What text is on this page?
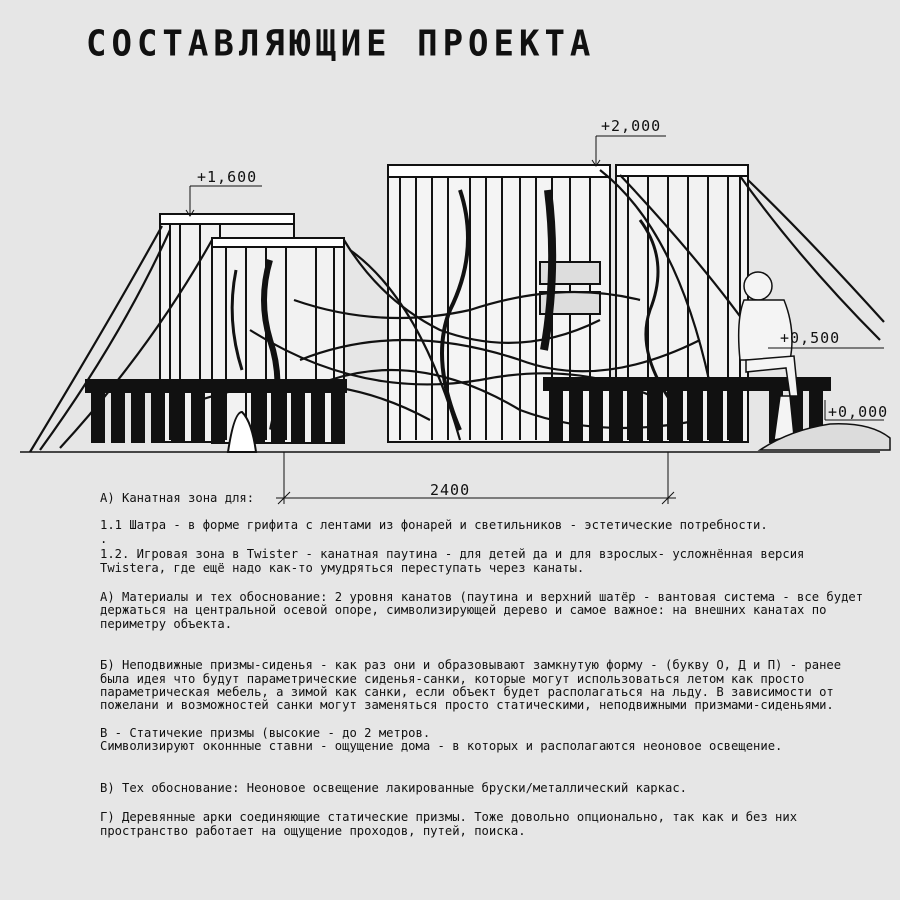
СОСТАВЛЯЮЩИЕ ПРОЕКТА
+1,600
+2,000
+0,500
+0,000
2400

А) Канатная зона для:

1.1 Шатра - в форме грифита с лентами из фонарей и светильников - эстетические потребности.
.

1.2. Игровая зона в Twister - канатная паутина - для детей да и для взрослых- усложнённая версия Twistera, где ещё надо как-то умудряться переступать через канаты.

А) Материалы и тех обоснование: 2 уровня канатов (паутина и верхний шатёр - вантовая система - все будет держаться на центральной осевой опоре, символизирующей дерево и самое важное: на внешних канатах по периметру объекта.

Б) Неподвижные призмы-сиденья - как раз они и образовывают замкнутую форму - (букву О, Д и П) - ранее была идея что будут параметрические сиденья-санки, которые могут использоваться летом как просто параметрическая мебель, а зимой как санки, если объект будет располагаться на льду. В зависимости от пожелани и возможностей санки могут заменяться просто статическими, неподвижными призмами-сиденьями.

В - Статичекие призмы (высокие - до 2 метров.
Символизируют оконнные ставни - ощущение дома - в которых и располагаются неоновое освещение.

В) Тех обоснование: Неоновое освещение лакированные бруски/металлический каркас.

Г) Деревянные арки соединяющие статические призмы. Тоже довольно опционально, так как и без них пространство работает на ощущение проходов, путей, поиска.
